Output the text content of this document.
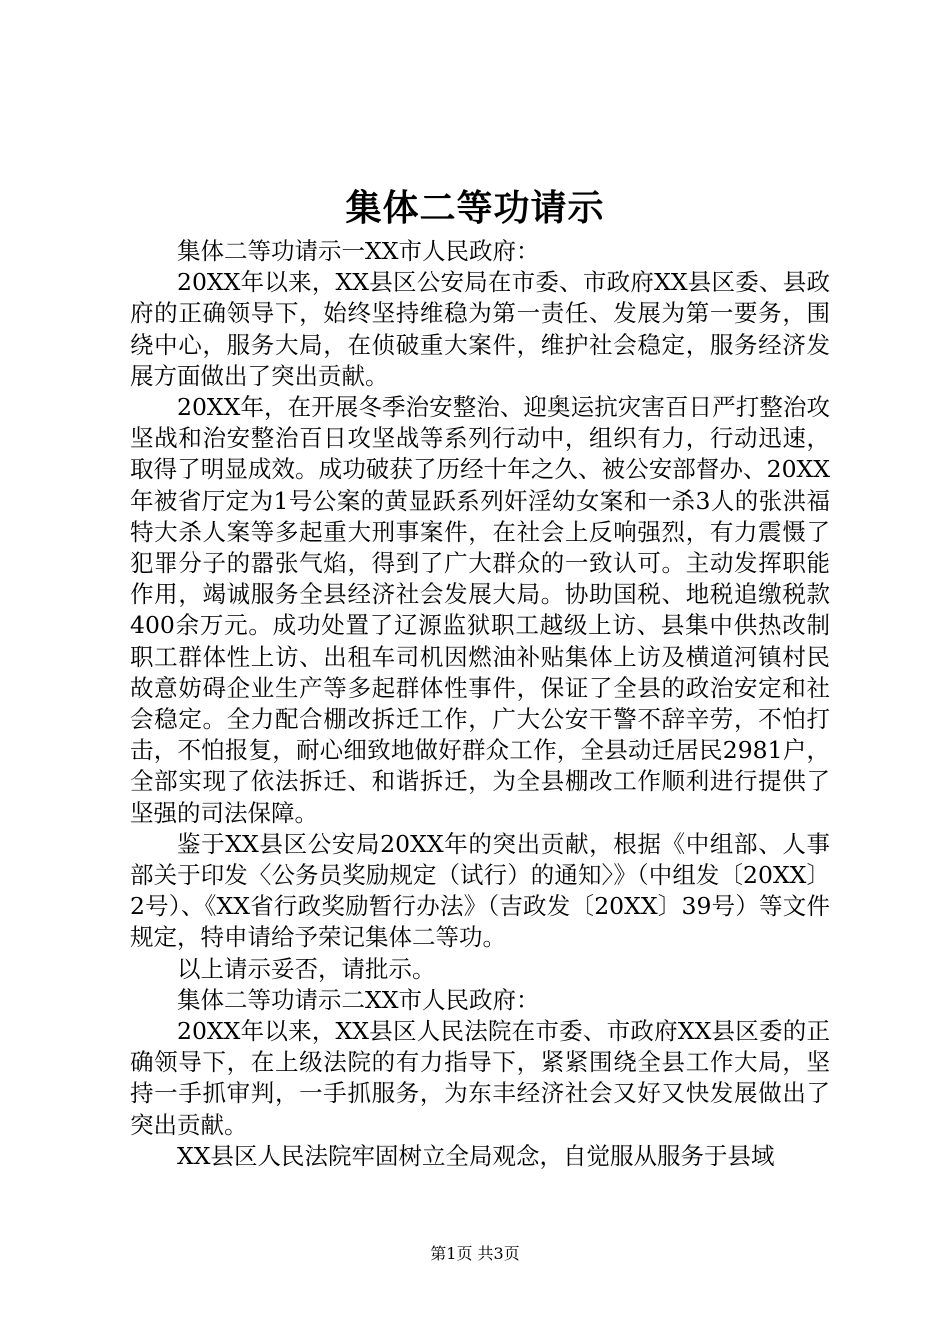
集体二等功请示

集体二等功请示一XX市人民政府：

20XX年以来，XX县区公安局在市委、市政府XX县区委、县政府的正确领导下，始终坚持维稳为第一责任、发展为第一要务，围绕中心，服务大局，在侦破重大案件，维护社会稳定，服务经济发展方面做出了突出贡献。

20XX年，在开展冬季治安整治、迎奥运抗灾害百日严打整治攻坚战和治安整治百日攻坚战等系列行动中，组织有力，行动迅速，取得了明显成效。成功破获了历经十年之久、被公安部督办、20XX年被省厅定为1号公案的黄显跃系列奸淫幼女案和一杀3人的张洪福特大杀人案等多起重大刑事案件，在社会上反响强烈，有力震慑了犯罪分子的嚣张气焰，得到了广大群众的一致认可。主动发挥职能作用，竭诚服务全县经济社会发展大局。协助国税、地税追缴税款400余万元。成功处置了辽源监狱职工越级上访、县集中供热改制职工群体性上访、出租车司机因燃油补贴集体上访及横道河镇村民故意妨碍企业生产等多起群体性事件，保证了全县的政治安定和社会稳定。全力配合棚改拆迁工作，广大公安干警不辞辛劳，不怕打击，不怕报复，耐心细致地做好群众工作，全县动迁居民2981户，全部实现了依法拆迁、和谐拆迁，为全县棚改工作顺利进行提供了坚强的司法保障。

鉴于XX县区公安局20XX年的突出贡献，根据《中组部、人事部关于印发〈公务员奖励规定（试行）的通知〉》（中组发〔20XX〕2号）、《XX省行政奖励暂行办法》（吉政发〔20XX〕39号）等文件规定，特申请给予荣记集体二等功。

以上请示妥否，请批示。

集体二等功请示二XX市人民政府：

20XX年以来，XX县区人民法院在市委、市政府XX县区委的正确领导下，在上级法院的有力指导下，紧紧围绕全县工作大局，坚持一手抓审判，一手抓服务，为东丰经济社会又好又快发展做出了突出贡献。

XX县区人民法院牢固树立全局观念，自觉服从服务于县域

第1页 共3页
